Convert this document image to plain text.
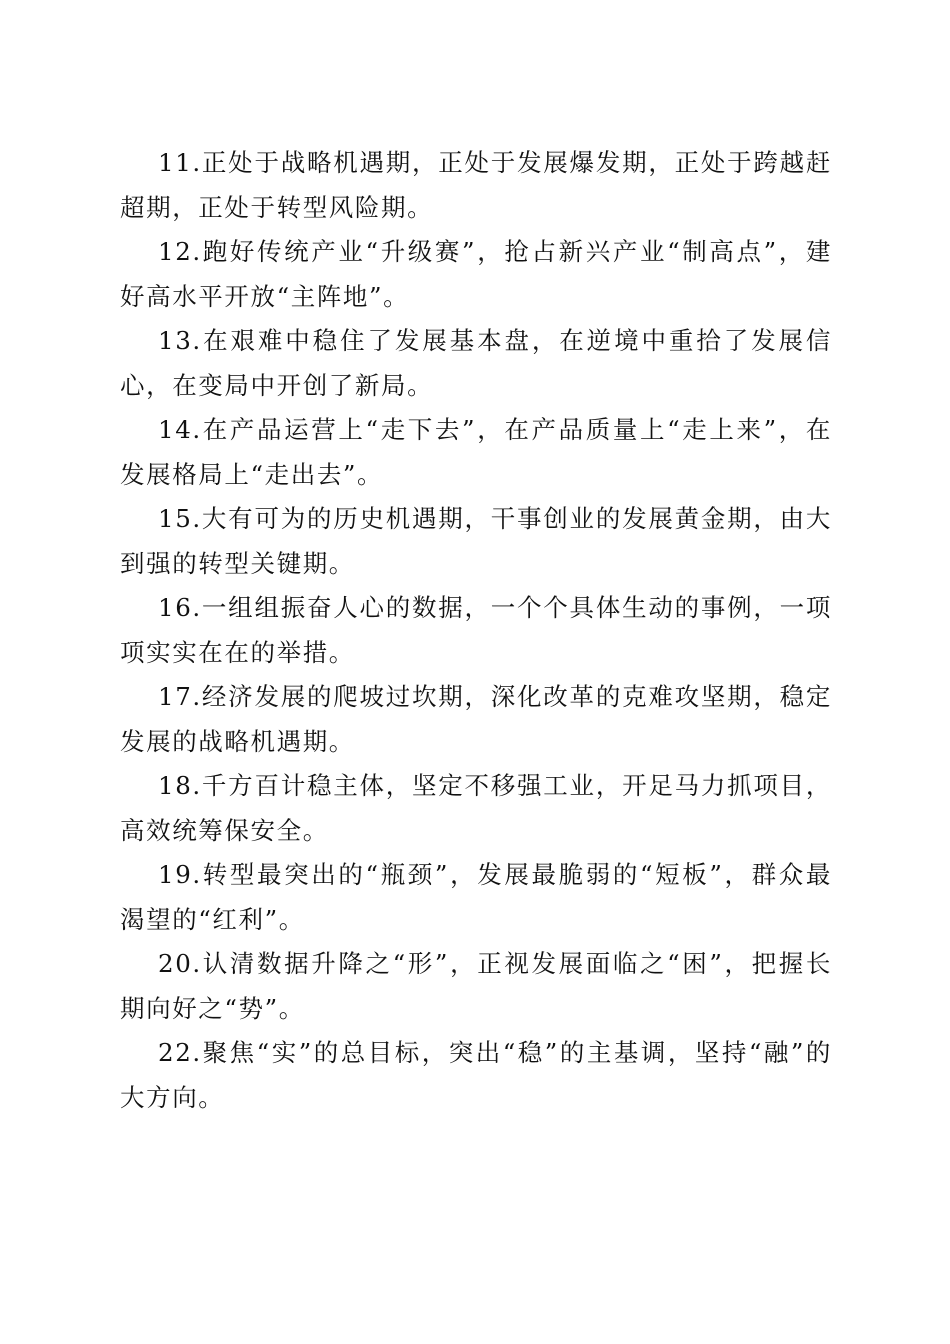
11.正处于战略机遇期，正处于发展爆发期，正处于跨越赶超期，正处于转型风险期。

12.跑好传统产业“升级赛”，抢占新兴产业“制高点”，建好高水平开放“主阵地”。

13.在艰难中稳住了发展基本盘，在逆境中重拾了发展信心，在变局中开创了新局。

14.在产品运营上“走下去”，在产品质量上“走上来”，在发展格局上“走出去”。

15.大有可为的历史机遇期，干事创业的发展黄金期，由大到强的转型关键期。

16.一组组振奋人心的数据，一个个具体生动的事例，一项项实实在在的举措。

17.经济发展的爬坡过坎期，深化改革的克难攻坚期，稳定发展的战略机遇期。

18.千方百计稳主体，坚定不移强工业，开足马力抓项目，高效统筹保安全。

19.转型最突出的“瓶颈”，发展最脆弱的“短板”，群众最渴望的“红利”。

20.认清数据升降之“形”，正视发展面临之“困”，把握长期向好之“势”。

22.聚焦“实”的总目标，突出“稳”的主基调，坚持“融”的大方向。
